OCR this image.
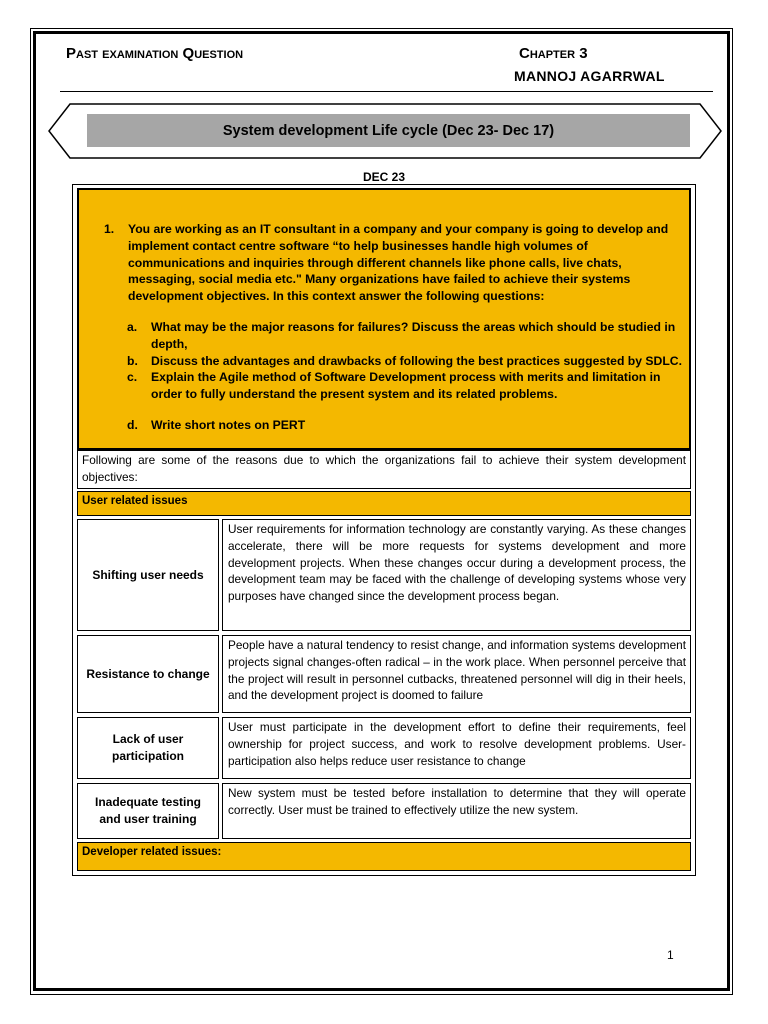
Past examination Question	Chapter 3
MANNOJ AGARRWAL
System development Life cycle (Dec 23- Dec 17)
DEC 23
1. You are working as an IT consultant in a company and your company is going to develop and implement contact centre software “to help businesses handle high volumes of communications and inquiries through different channels like phone calls, live chats, messaging, social media etc." Many organizations have failed to achieve their systems development objectives. In this context answer the following questions:
a. What may be the major reasons for failures? Discuss the areas which should be studied in depth,
b. Discuss the advantages and drawbacks of following the best practices suggested by SDLC.
c. Explain the Agile method of Software Development process with merits and limitation in order to fully understand the present system and its related problems.
d. Write short notes on PERT
Following are some of the reasons due to which the organizations fail to achieve their system development objectives:
User related issues
Shifting user needs
User requirements for information technology are constantly varying. As these changes accelerate, there will be more requests for systems development and more development projects. When these changes occur during a development process, the development team may be faced with the challenge of developing systems whose very purposes have changed since the development process began.
Resistance to change
People have a natural tendency to resist change, and information systems development projects signal changes-often radical – in the work place. When personnel perceive that the project will result in personnel cutbacks, threatened personnel will dig in their heels, and the development project is doomed to failure
Lack of user participation
User must participate in the development effort to define their requirements, feel ownership for project success, and work to resolve development problems. User-participation also helps reduce user resistance to change
Inadequate testing and user training
New system must be tested before installation to determine that they will operate correctly. User must be trained to effectively utilize the new system.
Developer related issues:
1
